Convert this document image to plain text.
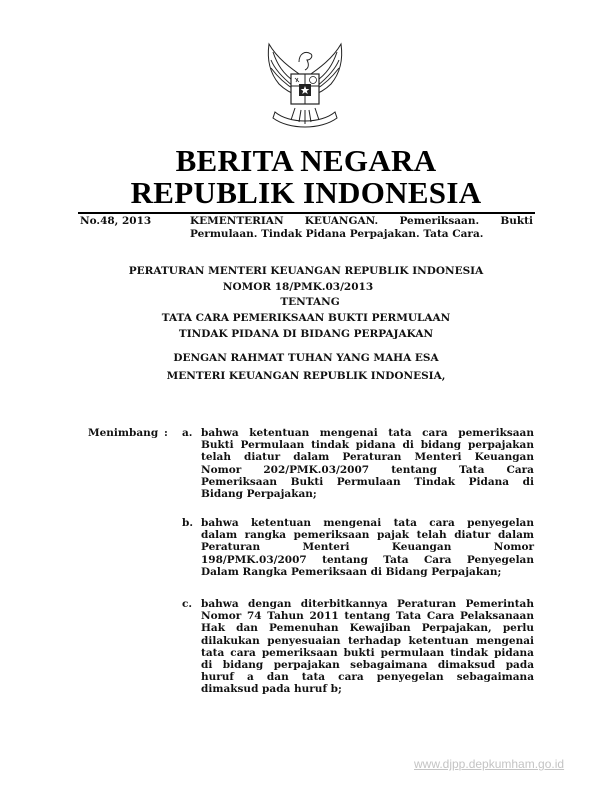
BERITA NEGARA
REPUBLIK INDONESIA
No.48, 2013	KEMENTERIAN KEUANGAN. Pemeriksaan. Bukti
Permulaan. Tindak Pidana Perpajakan. Tata Cara.
PERATURAN MENTERI KEUANGAN REPUBLIK INDONESIA
NOMOR 18/PMK.03/2013
TENTANG
TATA CARA PEMERIKSAAN BUKTI PERMULAAN
TINDAK PIDANA DI BIDANG PERPAJAKAN
DENGAN RAHMAT TUHAN YANG MAHA ESA
MENTERI KEUANGAN REPUBLIK INDONESIA,
Menimbang : a. bahwa ketentuan mengenai tata cara pemeriksaan
Bukti Permulaan tindak pidana di bidang perpajakan
telah diatur dalam Peraturan Menteri Keuangan
Nomor 202/PMK.03/2007 tentang Tata Cara
Pemeriksaan Bukti Permulaan Tindak Pidana di
Bidang Perpajakan;
b. bahwa ketentuan mengenai tata cara penyegelan
dalam rangka pemeriksaan pajak telah diatur dalam
Peraturan Menteri Keuangan Nomor
198/PMK.03/2007 tentang Tata Cara Penyegelan
Dalam Rangka Pemeriksaan di Bidang Perpajakan;
c. bahwa dengan diterbitkannya Peraturan Pemerintah
Nomor 74 Tahun 2011 tentang Tata Cara Pelaksanaan
Hak dan Pemenuhan Kewajiban Perpajakan, perlu
dilakukan penyesuaian terhadap ketentuan mengenai
tata cara pemeriksaan bukti permulaan tindak pidana
di bidang perpajakan sebagaimana dimaksud pada
huruf a dan tata cara penyegelan sebagaimana
dimaksud pada huruf b;
www.djpp.depkumham.go.id
